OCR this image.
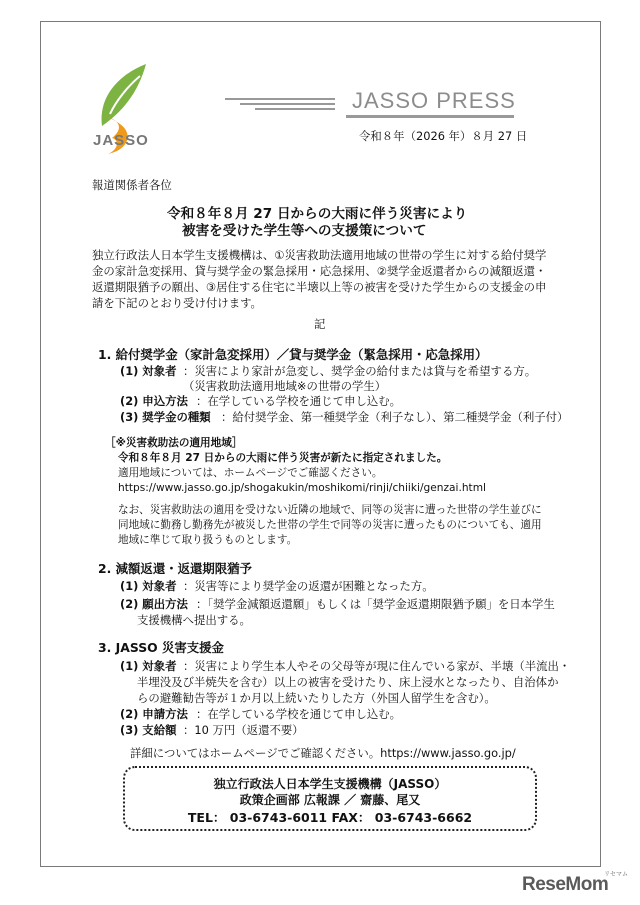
JASSO
JASSO PRESS
令和８年（2026 年）８月 27 日
報道関係者各位
令和８年８月 27 日からの大雨に伴う災害により
被害を受けた学生等への支援策について
独立行政法人日本学生支援機構は、①災害救助法適用地域の世帯の学生に対する給付奨学
金の家計急変採用、貸与奨学金の緊急採用・応急採用、②奨学金返還者からの減額返還・
返還期限猶予の願出、③居住する住宅に半壊以上等の被害を受けた学生からの支援金の申
請を下記のとおり受け付けます。
記
1. 給付奨学金（家計急変採用）／貸与奨学金（緊急採用・応急採用）
(1) 対象者 ：災害により家計が急変し、奨学金の給付または貸与を希望する方。
（災害救助法適用地域※の世帯の学生）
(2) 申込方法 ：在学している学校を通じて申し込む。
(3) 奨学金の種類 ：給付奨学金、第一種奨学金（利子なし）、第二種奨学金（利子付）
［※災害救助法の適用地域］
令和８年８月 27 日からの大雨に伴う災害が新たに指定されました。
適用地域については、ホームページでご確認ください。
https://www.jasso.go.jp/shogakukin/moshikomi/rinji/chiiki/genzai.html
なお、災害救助法の適用を受けない近隣の地域で、同等の災害に遭った世帯の学生並びに
同地域に勤務し勤務先が被災した世帯の学生で同等の災害に遭ったものについても、適用
地域に準じて取り扱うものとします。
2. 減額返還・返還期限猶予
(1) 対象者 ：災害等により奨学金の返還が困難となった方。
(2) 願出方法 ：「奨学金減額返還願」もしくは「奨学金返還期限猶予願」を日本学生
支援機構へ提出する。
3. JASSO 災害支援金
(1) 対象者 ：災害により学生本人やその父母等が現に住んでいる家が、半壊（半流出・
半埋没及び半焼失を含む）以上の被害を受けたり、床上浸水となったり、自治体か
らの避難勧告等が１か月以上続いたりした方（外国人留学生を含む）。
(2) 申請方法 ：在学している学校を通じて申し込む。
(3) 支給額 ：10 万円（返還不要）
詳細についてはホームページでご確認ください。https://www.jasso.go.jp/
独立行政法人日本学生支援機構（JASSO）
政策企画部 広報課 ／ 齋藤、尾又
TEL： 03-6743-6011 FAX： 03-6743-6662
ReseMom
リセマム
